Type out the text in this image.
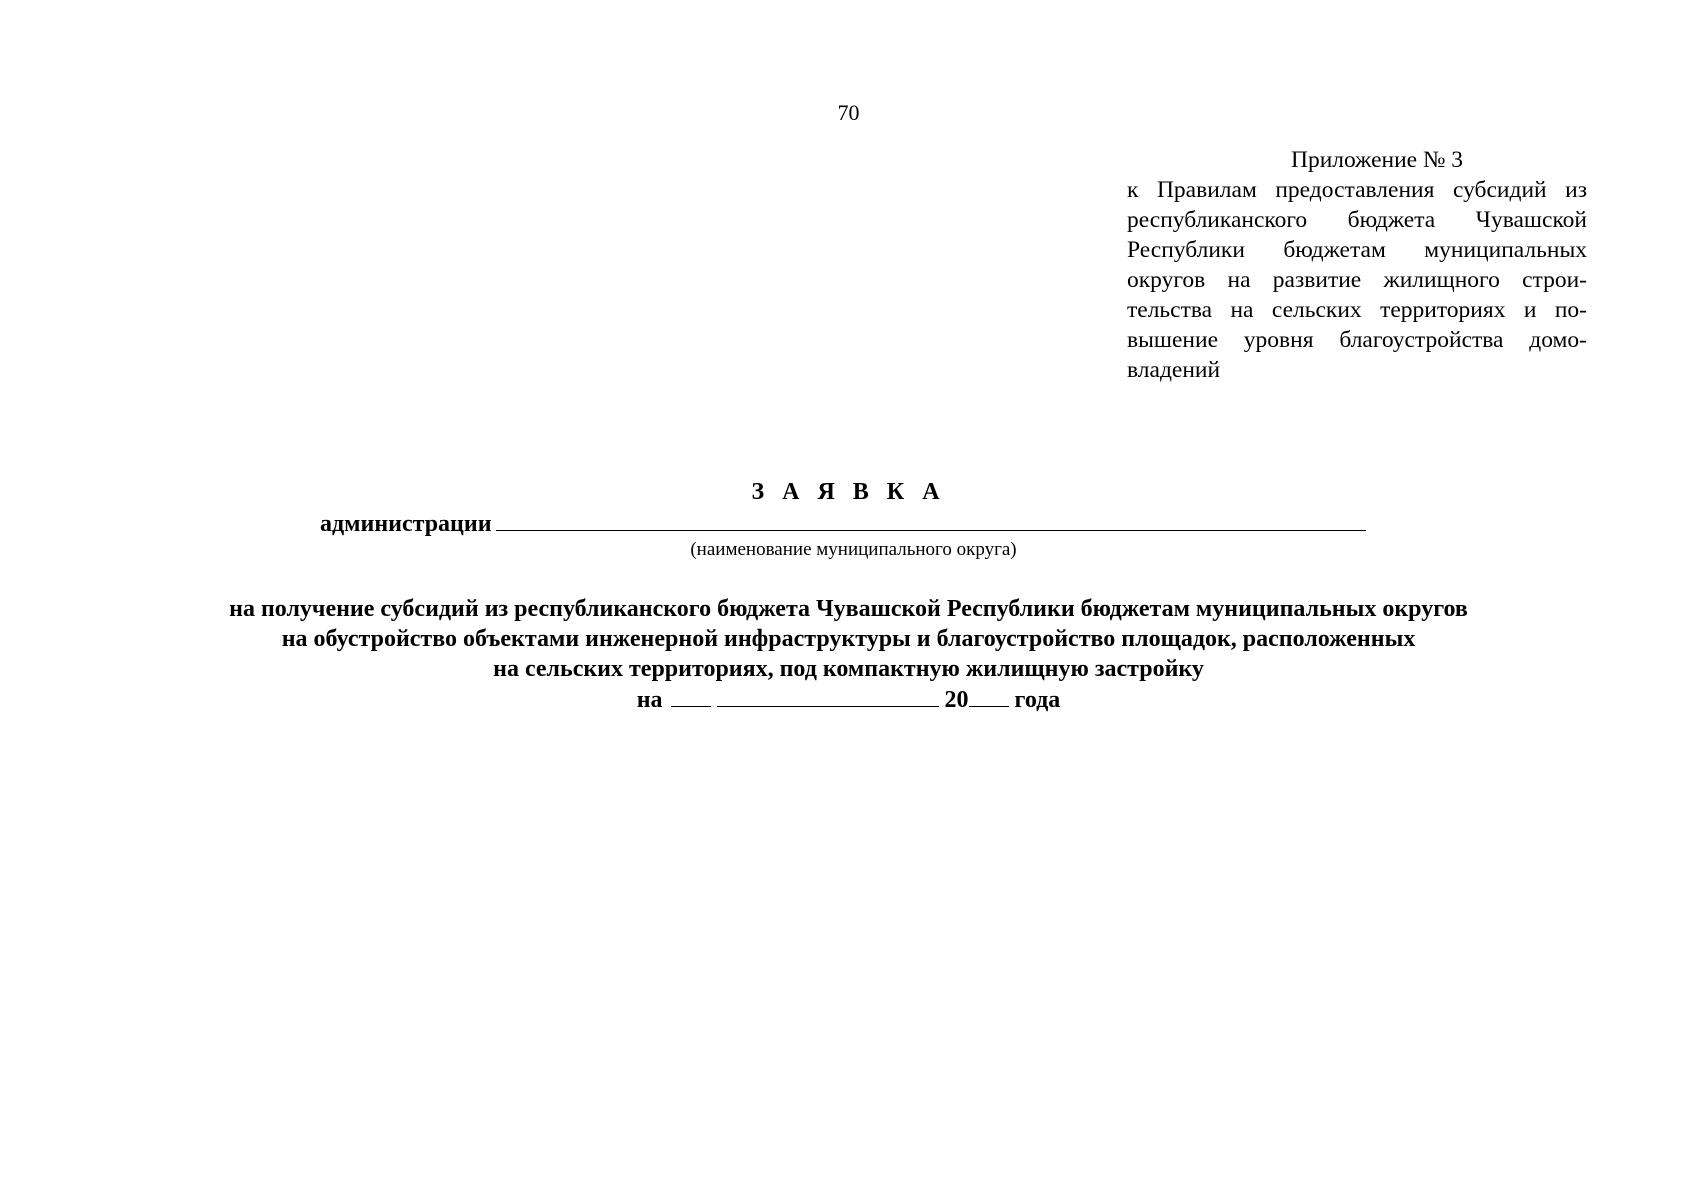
70
Приложение № 3
к Правилам предоставления субсидий из
республиканского бюджета Чувашской
Республики бюджетам муниципальных
округов на развитие жилищного строи-
тельства на сельских территориях и по-
вышение уровня благоустройства домо-
владений
З А Я В К А
администрации
(наименование муниципального округа)
на получение субсидий из республиканского бюджета Чувашской Республики бюджетам муниципальных округов
на обустройство объектами инженерной инфраструктуры и благоустройство площадок, расположенных
на сельских территориях, под компактную жилищную застройку
на	20 года
